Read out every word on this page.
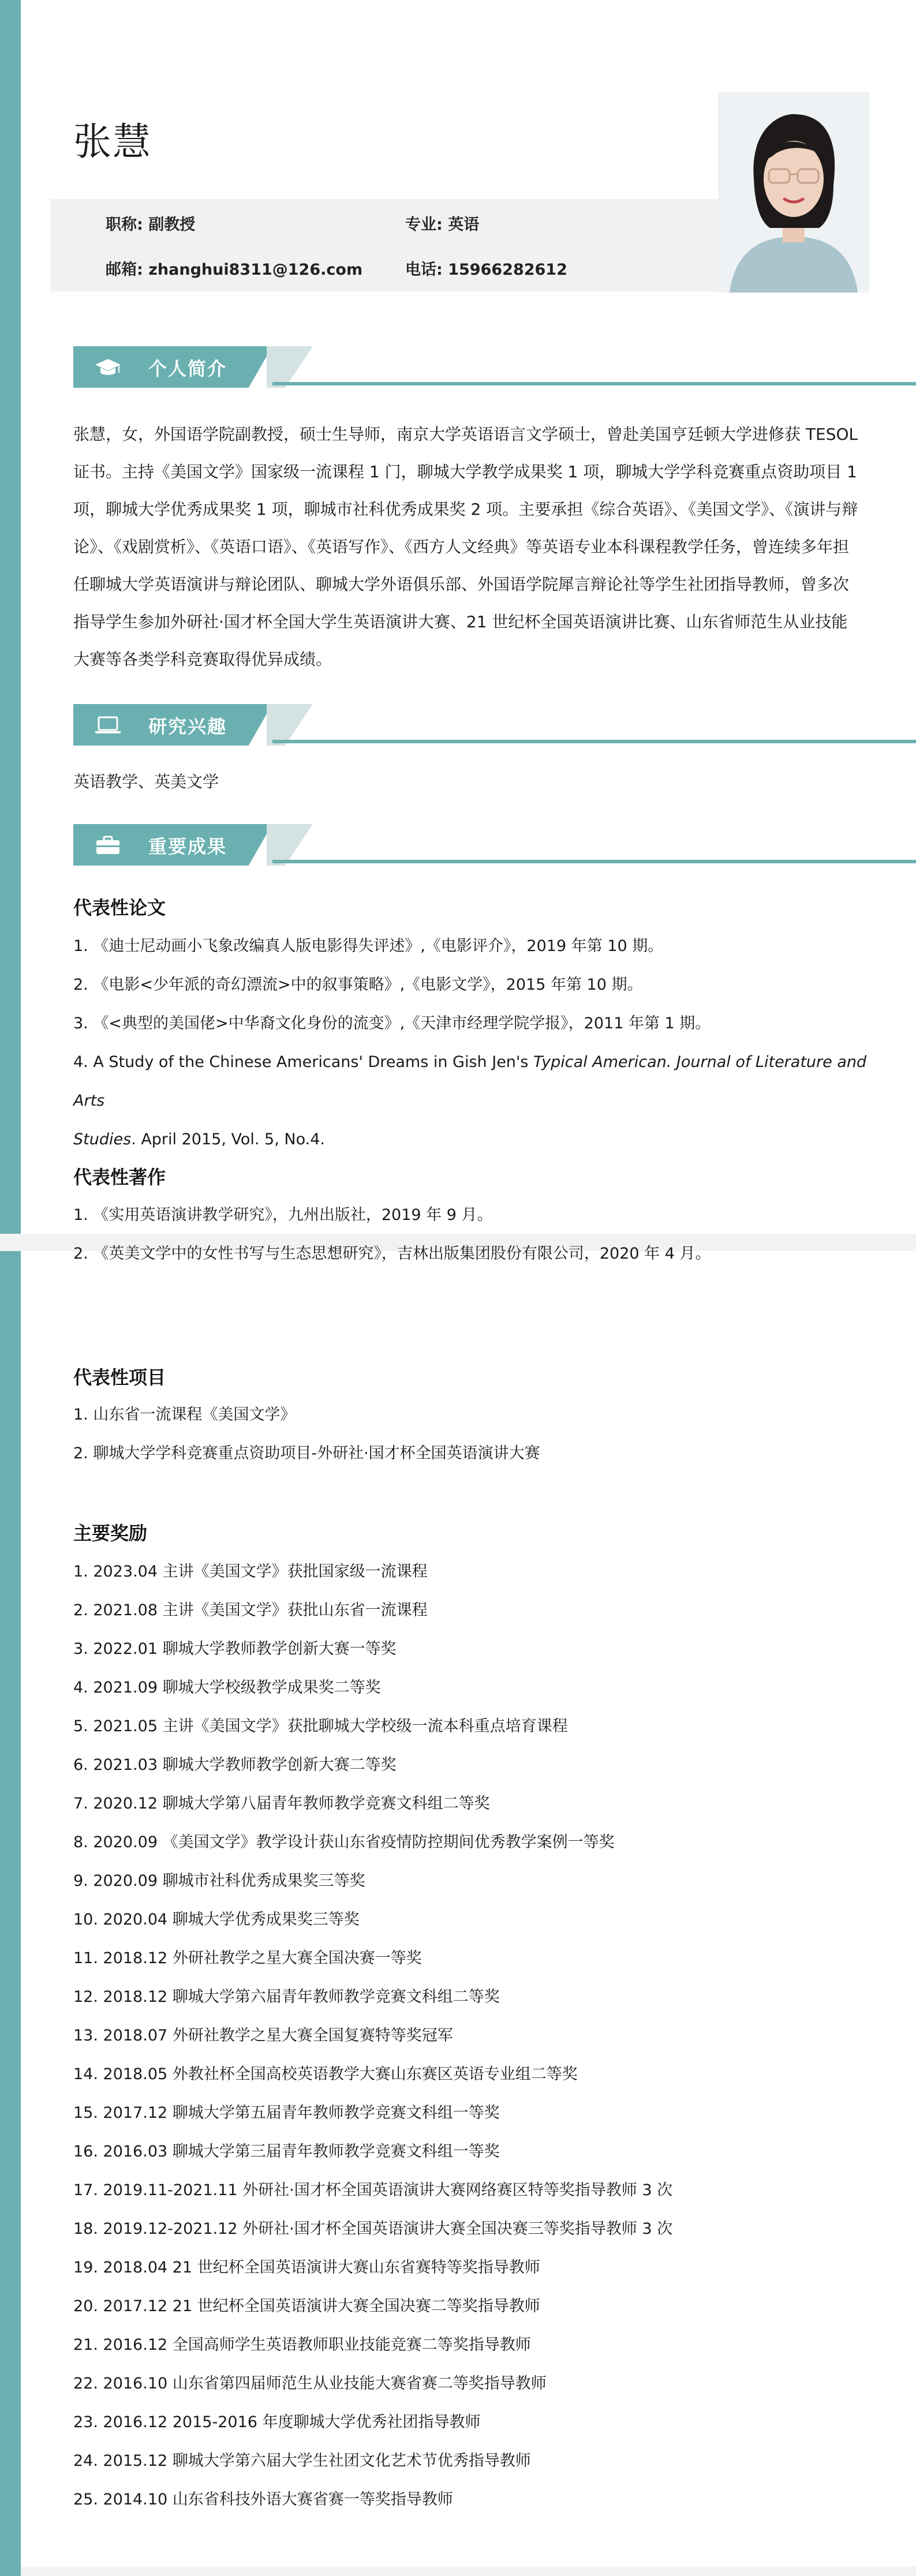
张慧
职称: 副教授	专业: 英语
邮箱: zhanghui8311@126.com	电话: 15966282612
个人简介
张慧，女，外国语学院副教授，硕士生导师，南京大学英语语言文学硕士，曾赴美国亨廷顿大学进修获 TESOL
证书。主持《美国文学》国家级一流课程 1 门，聊城大学教学成果奖 1 项，聊城大学学科竞赛重点资助项目 1
项，聊城大学优秀成果奖 1 项，聊城市社科优秀成果奖 2 项。主要承担《综合英语》、《美国文学》、《演讲与辩
论》、《戏剧赏析》、《英语口语》、《英语写作》、《西方人文经典》等英语专业本科课程教学任务，曾连续多年担
任聊城大学英语演讲与辩论团队、聊城大学外语俱乐部、外国语学院犀言辩论社等学生社团指导教师，曾多次
指导学生参加外研社·国才杯全国大学生英语演讲大赛、21 世纪杯全国英语演讲比赛、山东省师范生从业技能
大赛等各类学科竞赛取得优异成绩。
研究兴趣
英语教学、英美文学
重要成果
代表性论文
1. 《迪士尼动画小飞象改编真人版电影得失评述》,《电影评介》，2019 年第 10 期。
2. 《电影<少年派的奇幻漂流>中的叙事策略》,《电影文学》，2015 年第 10 期。
3. 《<典型的美国佬>中华裔文化身份的流变》,《天津市经理学院学报》，2011 年第 1 期。
4. A Study of the Chinese Americans' Dreams in Gish Jen's Typical American. Journal of Literature and Arts
Studies. April 2015, Vol. 5, No.4.
代表性著作
1. 《实用英语演讲教学研究》，九州出版社，2019 年 9 月。
2. 《英美文学中的女性书写与生态思想研究》，吉林出版集团股份有限公司，2020 年 4 月。
代表性项目
1. 山东省一流课程《美国文学》
2. 聊城大学学科竞赛重点资助项目-外研社·国才杯全国英语演讲大赛
主要奖励
1. 2023.04 主讲《美国文学》获批国家级一流课程
2. 2021.08 主讲《美国文学》获批山东省一流课程
3. 2022.01 聊城大学教师教学创新大赛一等奖
4. 2021.09 聊城大学校级教学成果奖二等奖
5. 2021.05 主讲《美国文学》获批聊城大学校级一流本科重点培育课程
6. 2021.03 聊城大学教师教学创新大赛二等奖
7. 2020.12 聊城大学第八届青年教师教学竞赛文科组二等奖
8. 2020.09 《美国文学》教学设计获山东省疫情防控期间优秀教学案例一等奖
9. 2020.09 聊城市社科优秀成果奖三等奖
10. 2020.04 聊城大学优秀成果奖三等奖
11. 2018.12 外研社教学之星大赛全国决赛一等奖
12. 2018.12 聊城大学第六届青年教师教学竞赛文科组二等奖
13. 2018.07 外研社教学之星大赛全国复赛特等奖冠军
14. 2018.05 外教社杯全国高校英语教学大赛山东赛区英语专业组二等奖
15. 2017.12 聊城大学第五届青年教师教学竞赛文科组一等奖
16. 2016.03 聊城大学第三届青年教师教学竞赛文科组一等奖
17. 2019.11-2021.11 外研社·国才杯全国英语演讲大赛网络赛区特等奖指导教师 3 次
18. 2019.12-2021.12 外研社·国才杯全国英语演讲大赛全国决赛三等奖指导教师 3 次
19. 2018.04 21 世纪杯全国英语演讲大赛山东省赛特等奖指导教师
20. 2017.12 21 世纪杯全国英语演讲大赛全国决赛二等奖指导教师
21. 2016.12 全国高师学生英语教师职业技能竞赛二等奖指导教师
22. 2016.10 山东省第四届师范生从业技能大赛省赛二等奖指导教师
23. 2016.12 2015-2016 年度聊城大学优秀社团指导教师
24. 2015.12 聊城大学第六届大学生社团文化艺术节优秀指导教师
25. 2014.10 山东省科技外语大赛省赛一等奖指导教师
